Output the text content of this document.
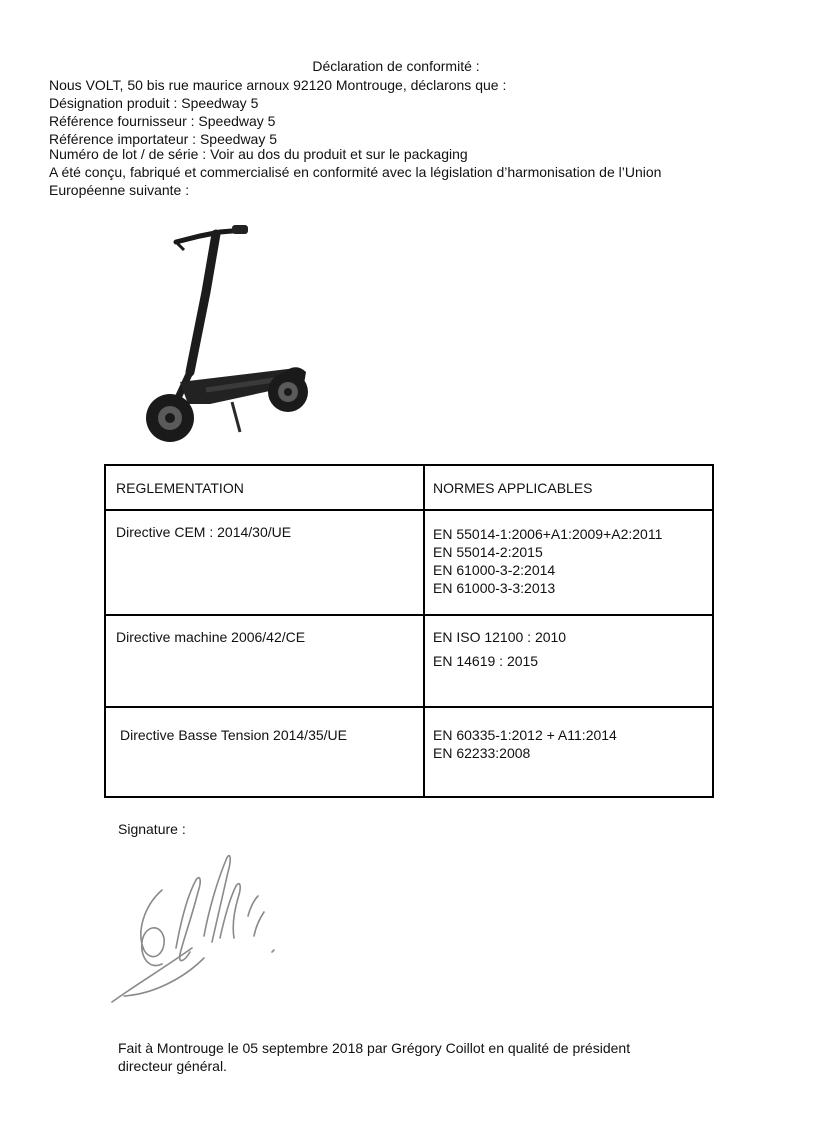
Déclaration de conformité :
Nous VOLT, 50 bis rue maurice arnoux 92120 Montrouge, déclarons que :
Désignation produit : Speedway 5
Référence fournisseur : Speedway 5
Référence importateur : Speedway 5
Numéro de lot / de série : Voir au dos du produit et sur le packaging
A été conçu, fabriqué et commercialisé en conformité avec la législation d’harmonisation de l’Union Européenne suivante :
REGLEMENTATION	NORMES APPLICABLES

Directive CEM : 2014/30/UE	EN 55014-1:2006+A1:2009+A2:2011
EN 55014-2:2015
EN 61000-3-2:2014
EN 61000-3-3:2013

Directive machine 2006/42/CE	EN ISO 12100 : 2010
EN 14619 : 2015

Directive Basse Tension 2014/35/UE	EN 60335-1:2012 + A11:2014
EN 62233:2008
Signature :
Fait à Montrouge le 05 septembre 2018 par Grégory Coillot en qualité de président directeur général.
